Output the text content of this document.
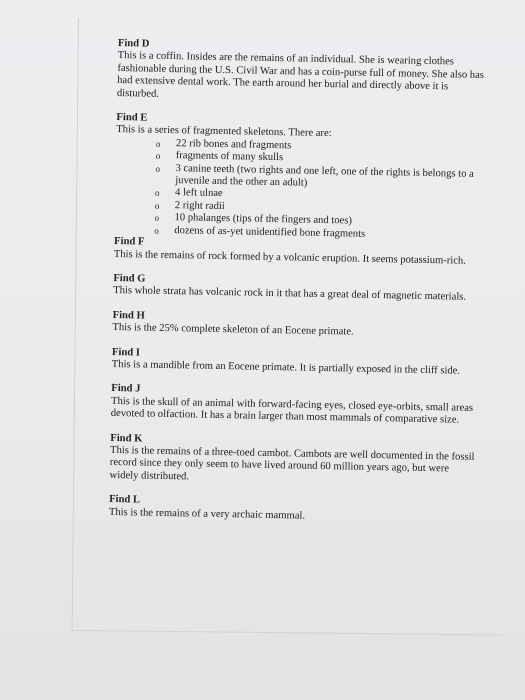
Find D

This is a coffin. Insides are the remains of an individual. She is wearing clothes fashionable during the U.S. Civil War and has a coin-purse full of money. She also has had extensive dental work. The earth around her burial and directly above it is disturbed.

Find E

This is a series of fragmented skeletons. There are:

o 22 rib bones and fragments
o fragments of many skulls
o 3 canine teeth (two rights and one left, one of the rights is belongs to a juvenile and the other an adult)
o 4 left ulnae
o 2 right radii
o 10 phalanges (tips of the fingers and toes)
o dozens of as-yet unidentified bone fragments
Find F

This is the remains of rock formed by a volcanic eruption. It seems potassium-rich.

Find G

This whole strata has volcanic rock in it that has a great deal of magnetic materials.

Find H

This is the 25% complete skeleton of an Eocene primate.

Find I

This is a mandible from an Eocene primate. It is partially exposed in the cliff side.

Find J

This is the skull of an animal with forward-facing eyes, closed eye-orbits, small areas devoted to olfaction. It has a brain larger than most mammals of comparative size.

Find K

This is the remains of a three-toed cambot. Cambots are well documented in the fossil record since they only seem to have lived around 60 million years ago, but were widely distributed.

Find L

This is the remains of a very archaic mammal.
